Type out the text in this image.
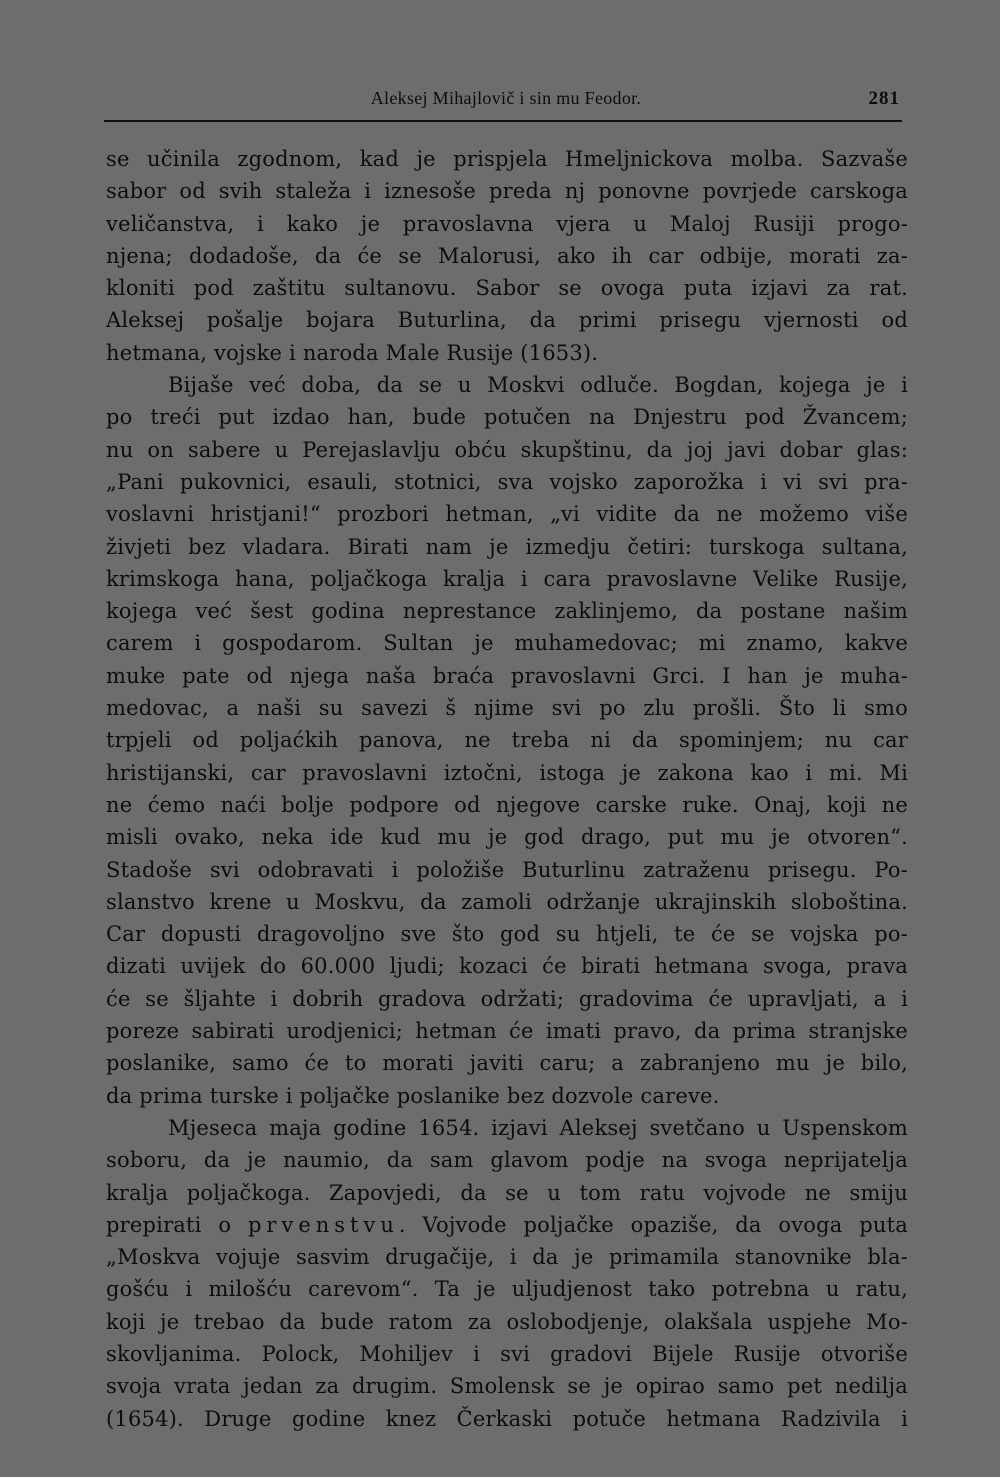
Aleksej Mihajlovič i sin mu Feodor.	281
se učinila zgodnom, kad je prispjela Hmeljnickova molba. Sazvaše
sabor od svih staleža i iznesoše preda nj ponovne povrjede carskoga
veličanstva, i kako je pravoslavna vjera u Maloj Rusiji progo-
njena; dodadoše, da će se Malorusi, ako ih car odbije, morati za-
kloniti pod zaštitu sultanovu. Sabor se ovoga puta izjavi za rat.
Aleksej pošalje bojara Buturlina, da primi prisegu vjernosti od
hetmana, vojske i naroda Male Rusije (1653).
Bijaše već doba, da se u Moskvi odluče. Bogdan, kojega je i
po treći put izdao han, bude potučen na Dnjestru pod Žvancem;
nu on sabere u Perejaslavlju obću skupštinu, da joj javi dobar glas:
„Pani pukovnici, esauli, stotnici, sva vojsko zaporožka i vi svi pra-
voslavni hristjani!“ prozbori hetman, „vi vidite da ne možemo više
živjeti bez vladara. Birati nam je izmedju četiri: turskoga sultana,
krimskoga hana, poljačkoga kralja i cara pravoslavne Velike Rusije,
kojega već šest godina neprestance zaklinjemo, da postane našim
carem i gospodarom. Sultan je muhamedovac; mi znamo, kakve
muke pate od njega naša braća pravoslavni Grci. I han je muha-
medovac, a naši su savezi š njime svi po zlu prošli. Što li smo
trpjeli od poljaćkih panova, ne treba ni da spominjem; nu car
hristijanski, car pravoslavni iztočni, istoga je zakona kao i mi. Mi
ne ćemo naći bolje podpore od njegove carske ruke. Onaj, koji ne
misli ovako, neka ide kud mu je god drago, put mu je otvoren“.
Stadoše svi odobravati i položiše Buturlinu zatraženu prisegu. Po-
slanstvo krene u Moskvu, da zamoli održanje ukrajinskih sloboština.
Car dopusti dragovoljno sve što god su htjeli, te će se vojska po-
dizati uvijek do 60.000 ljudi; kozaci će birati hetmana svoga, prava
će se šljahte i dobrih gradova održati; gradovima će upravljati, a i
poreze sabirati urodjenici; hetman će imati pravo, da prima stranjske
poslanike, samo će to morati javiti caru; a zabranjeno mu je bilo,
da prima turske i poljačke poslanike bez dozvole careve.
Mjeseca maja godine 1654. izjavi Aleksej svetčano u Uspenskom
soboru, da je naumio, da sam glavom podje na svoga neprijatelja
kralja poljačkoga. Zapovjedi, da se u tom ratu vojvode ne smiju
prepirati o prvenstvu. Vojvode poljačke opaziše, da ovoga puta
„Moskva vojuje sasvim drugačije, i da je primamila stanovnike bla-
gošću i milošću carevom“. Ta je uljudjenost tako potrebna u ratu,
koji je trebao da bude ratom za oslobodjenje, olakšala uspjehe Mo-
skovljanima. Polock, Mohiljev i svi gradovi Bijele Rusije otvoriše
svoja vrata jedan za drugim. Smolensk se je opirao samo pet nedilja
(1654). Druge godine knez Čerkaski potuče hetmana Radzivila i
